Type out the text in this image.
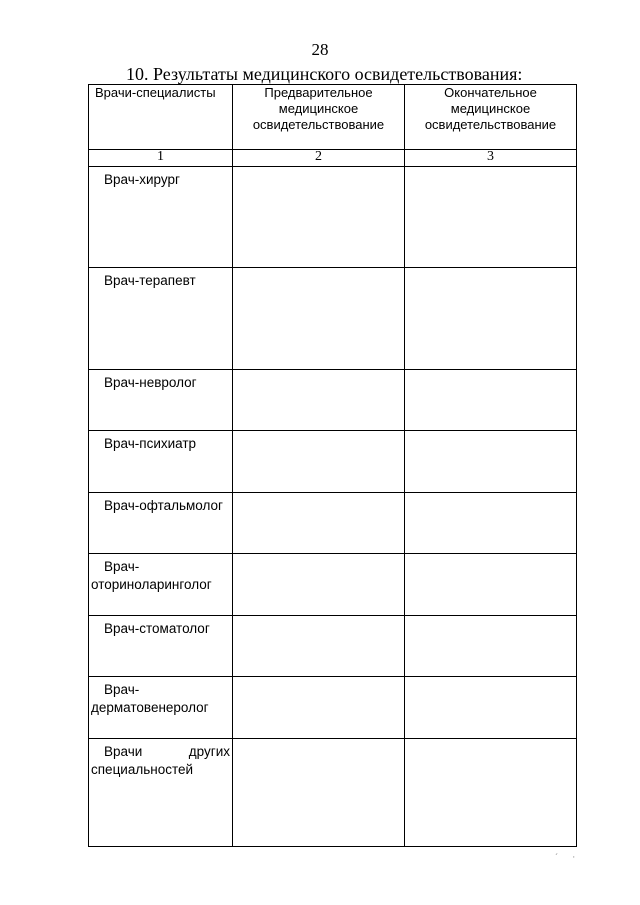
28
10. Результаты медицинского освидетельствования:
Врачи-специалисты	Предварительное медицинское освидетельствование	Окончательное медицинское освидетельствование
1	2	3

Врач-хирург		

Врач-терапевт		

Врач-невролог		

Врач-психиатр		

Врач-офтальмолог		

Врач-оториноларинголог		

Врач-стоматолог		

Врач-дерматовенеролог		

Врачи других специальностей		

´ ·
